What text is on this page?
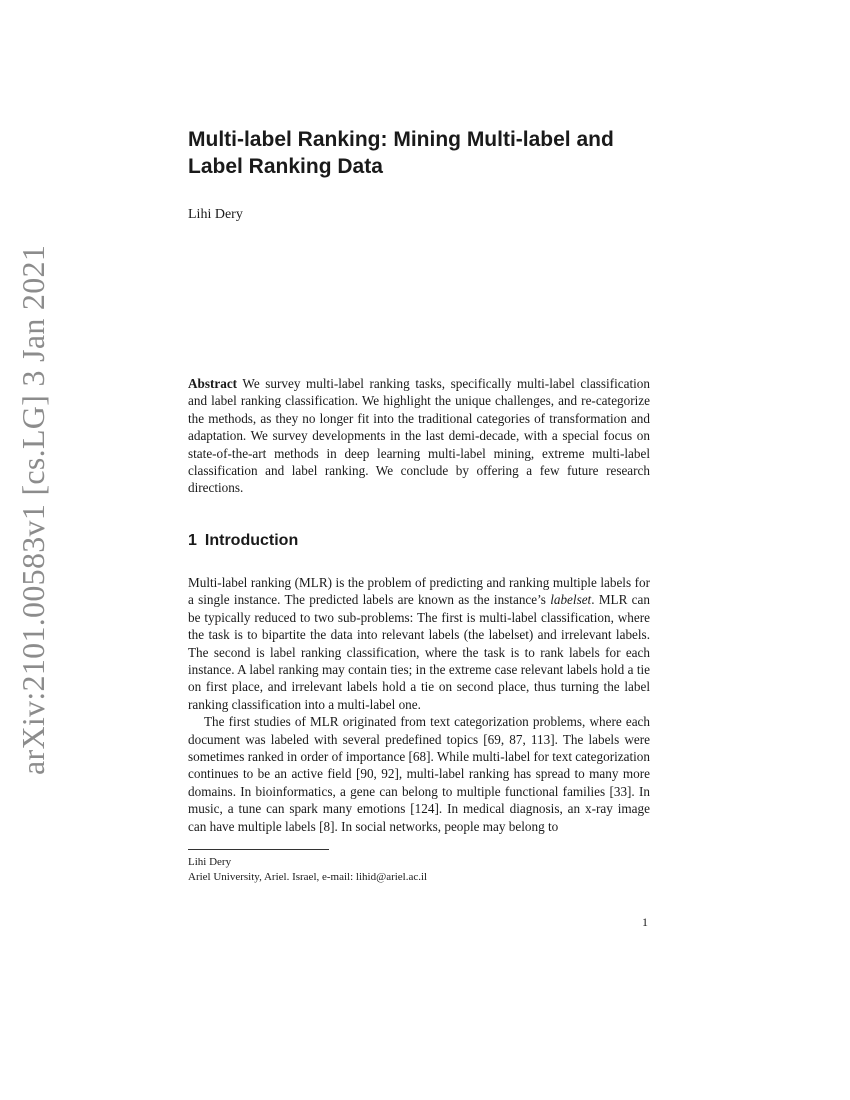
arXiv:2101.00583v1 [cs.LG] 3 Jan 2021
Multi-label Ranking: Mining Multi-label and
Label Ranking Data

Lihi Dery

Abstract We survey multi-label ranking tasks, specifically multi-label classification and label ranking classification. We highlight the unique challenges, and re-categorize the methods, as they no longer fit into the traditional categories of transformation and adaptation. We survey developments in the last demi-decade, with a special focus on state-of-the-art methods in deep learning multi-label mining, extreme multi-label classification and label ranking. We conclude by offering a few future research directions.

1 Introduction

Multi-label ranking (MLR) is the problem of predicting and ranking multiple labels for a single instance. The predicted labels are known as the instance’s labelset. MLR can be typically reduced to two sub-problems: The first is multi-label classification, where the task is to bipartite the data into relevant labels (the labelset) and irrelevant labels. The second is label ranking classification, where the task is to rank labels for each instance. A label ranking may contain ties; in the extreme case relevant labels hold a tie on first place, and irrelevant labels hold a tie on second place, thus turning the label ranking classification into a multi-label one.

The first studies of MLR originated from text categorization problems, where each document was labeled with several predefined topics [69, 87, 113]. The labels were sometimes ranked in order of importance [68]. While multi-label for text categorization continues to be an active field [90, 92], multi-label ranking has spread to many more domains. In bioinformatics, a gene can belong to multiple functional families [33]. In music, a tune can spark many emotions [124]. In medical diagnosis, an x-ray image can have multiple labels [8]. In social networks, people may belong to

Lihi Dery
Ariel University, Ariel. Israel, e-mail: lihid@ariel.ac.il
1
